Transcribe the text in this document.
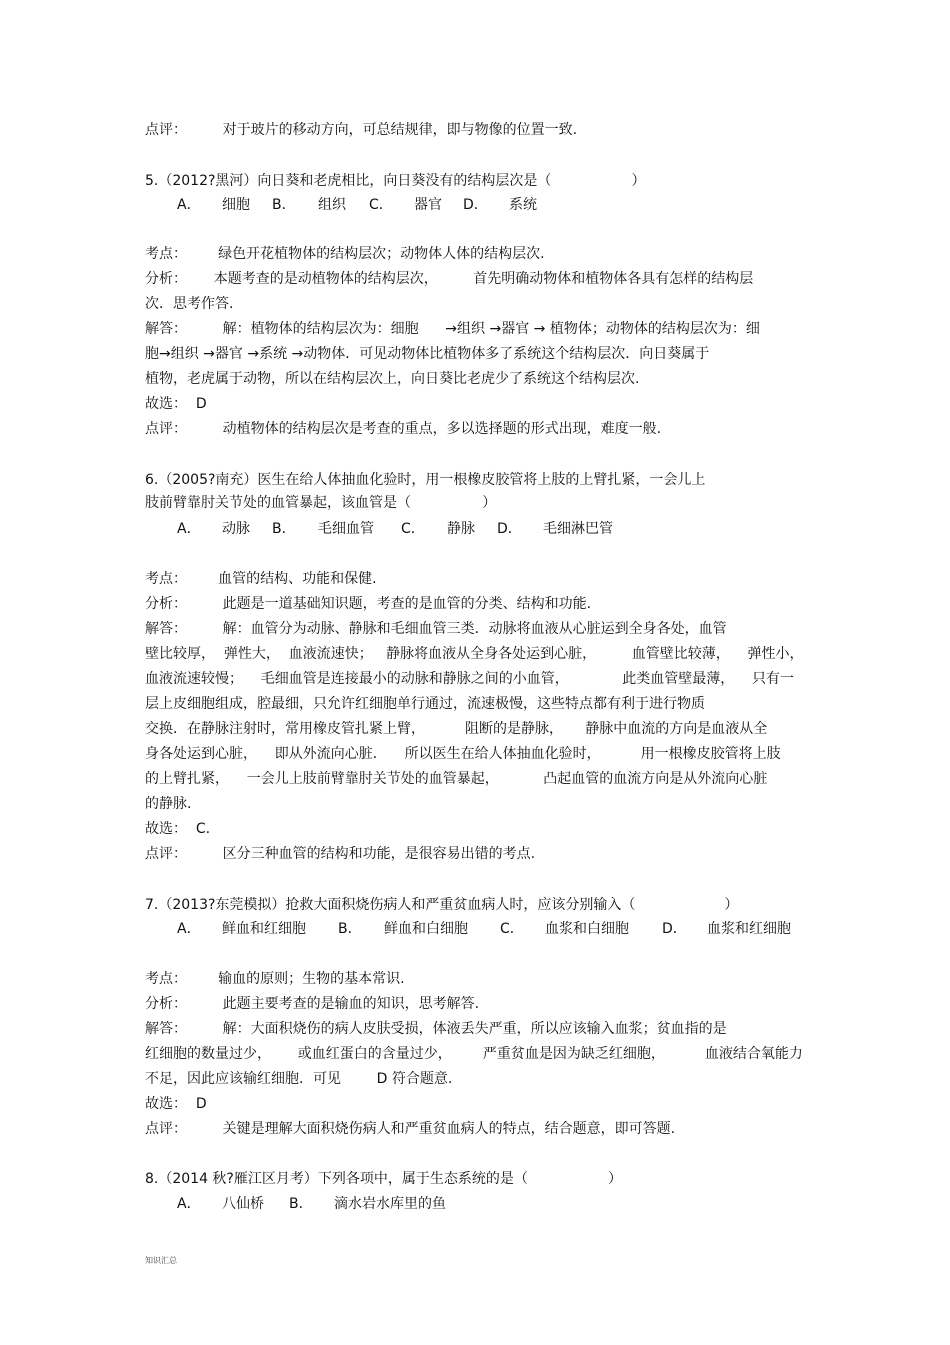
点评：        对于玻片的移动方向，可总结规律，即与物像的位置一致.
5.（2012?黑河）向日葵和老虎相比，向日葵没有的结构层次是（                  ）
A． 细胞 B． 组织 C． 器官 D． 系统
考点：       绿色开花植物体的结构层次；动物体人体的结构层次.
分析：      本题考查的是动植物体的结构层次，        首先明确动物体和植物体各具有怎样的结构层
次．思考作答.
解答：        解：植物体的结构层次为：细胞      →组织 →器官 → 植物体；动物体的结构层次为：细
胞→组织 →器官 →系统 →动物体．可见动物体比植物体多了系统这个结构层次．向日葵属于
植物，老虎属于动物，所以在结构层次上，向日葵比老虎少了系统这个结构层次.
故选：  D
点评：        动植物体的结构层次是考查的重点，多以选择题的形式出现，难度一般.
6.（2005?南充）医生在给人体抽血化验时，用一根橡皮胶管将上肢的上臂扎紧，一会儿上
肢前臂靠肘关节处的血管暴起，该血管是（                ）
A． 动脉 B． 毛细血管 C． 静脉 D． 毛细淋巴管
考点：       血管的结构、功能和保健.
分析：        此题是一道基础知识题，考查的是血管的分类、结构和功能.
解答：        解：血管分为动脉、静脉和毛细血管三类．动脉将血液从心脏运到全身各处，血管
壁比较厚，  弹性大，  血液流速快；   静脉将血液从全身各处运到心脏，        血管壁比较薄，    弹性小，
血液流速较慢；    毛细血管是连接最小的动脉和静脉之间的小血管，            此类血管壁最薄，    只有一
层上皮细胞组成，腔最细，只允许红细胞单行通过，流速极慢，这些特点都有利于进行物质
交换．在静脉注射时，常用橡皮管扎紧上臂，         阻断的是静脉，     静脉中血流的方向是血液从全
身各处运到心脏，    即从外流向心脏．    所以医生在给人体抽血化验时，         用一根橡皮胶管将上肢
的上臂扎紧，    一会儿上肢前臂靠肘关节处的血管暴起，          凸起血管的血流方向是从外流向心脏
的静脉.
故选：  C.
点评：        区分三种血管的结构和功能，是很容易出错的考点.
7.（2013?东莞模拟）抢救大面积烧伤病人和严重贫血病人时，应该分别输入（                    ）
A． 鲜血和红细胞 B． 鲜血和白细胞 C． 血浆和白细胞 D． 血浆和红细胞
考点：       输血的原则；生物的基本常识.
分析：        此题主要考查的是输血的知识，思考解答.
解答：        解：大面积烧伤的病人皮肤受损，体液丢失严重，所以应该输入血浆；贫血指的是
红细胞的数量过少，      或血红蛋白的含量过少，       严重贫血是因为缺乏红细胞，         血液结合氧能力
不足，因此应该输红细胞．可见        D 符合题意.
故选：  D
点评：        关键是理解大面积烧伤病人和严重贫血病人的特点，结合题意，即可答题.
8.（2014 秋?雁江区月考）下列各项中，属于生态系统的是（                  ）
A． 八仙桥 B． 滴水岩水库里的鱼
知识汇总
